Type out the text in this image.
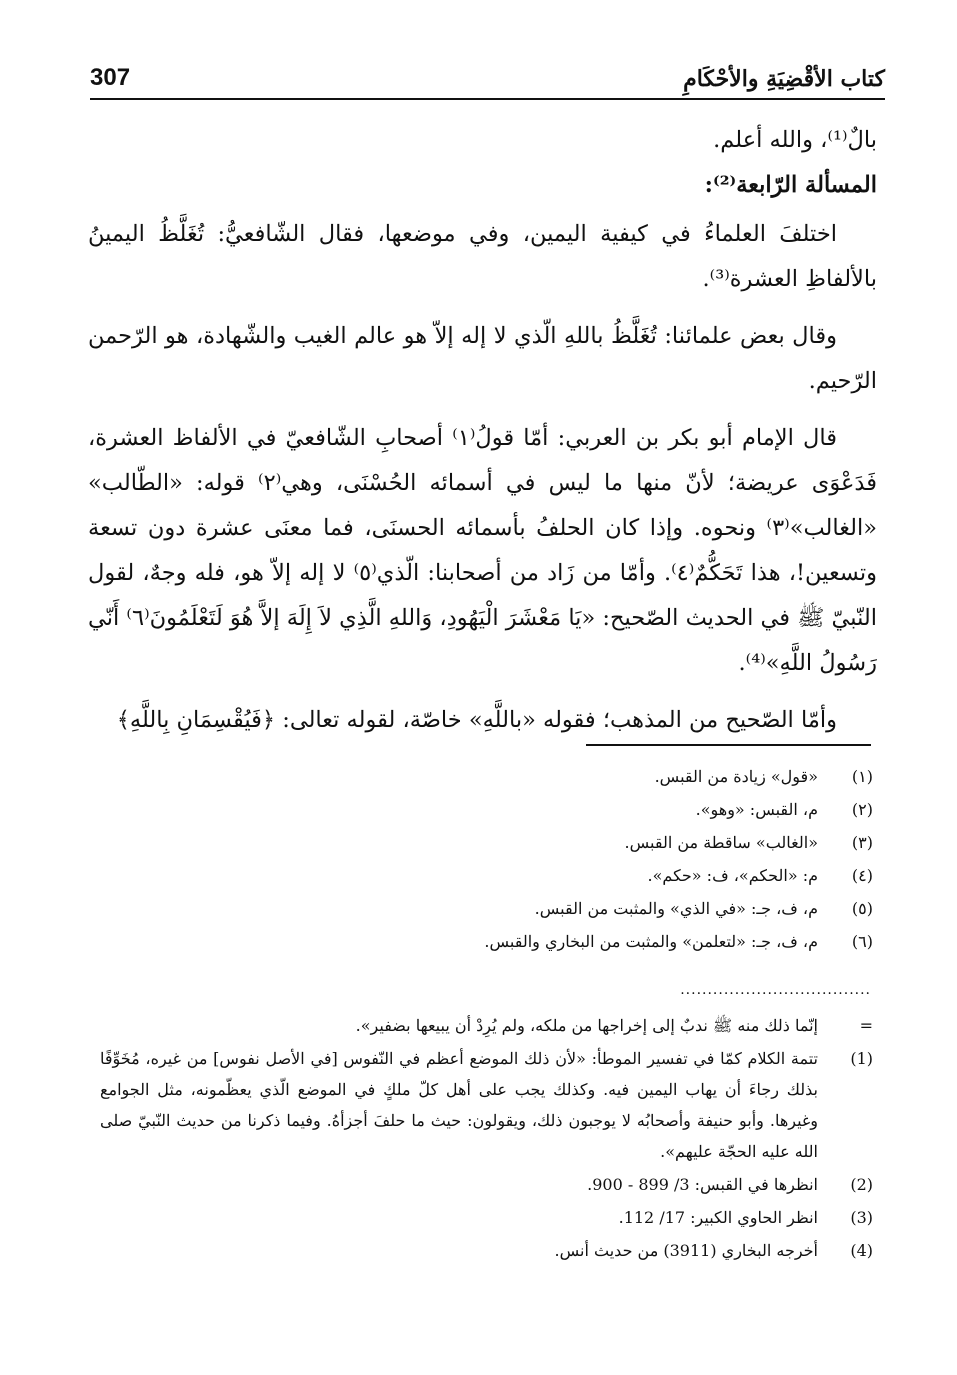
كتاب الأقْضِيَةِ والأحْكَامِ
307

بالٌ⁽¹⁾، والله أعلم.

المسألة الرّابعة⁽²⁾:

اختلفَ العلماءُ في كيفية اليمين، وفي موضعها، فقال الشّافعيُّ: تُغَلَّظُ اليمينُ بالألفاظِ العشرة⁽³⁾.

وقال بعض علمائنا: تُغَلَّظُ باللهِ الّذي لا إله إلاّ هو عالم الغيب والشّهادة، هو الرّحمن الرّحيم.

قال الإمام أبو بكر بن العربي: أمّا قولُ⁽١⁾ أصحابِ الشّافعيّ في الألفاظ العشرة، فَدَعْوَى عريضة؛ لأنّ منها ما ليس في أسمائه الحُسْنَى، وهي⁽٢⁾ قوله: «الطّالب» «الغالب»⁽٣⁾ ونحوه. وإذا كان الحلفُ بأسمائه الحسنَى، فما معنَى عشرة دون تسعة وتسعين!، هذا تَحَكُّمٌ⁽٤⁾. وأمّا من زَاد من أصحابنا: الّذي⁽٥⁾ لا إله إلاّ هو، فله وجهٌ، لقول النّبيّ ﷺ في الحديث الصّحيح: «يَا مَعْشَرَ الْيَهُودِ، وَاللهِ الَّذِي لاَ إِلَهَ إلاَّ هُوَ لَتَعْلَمُونَ⁽٦⁾ أَنّي رَسُولُ اللَّهِ»⁽⁴⁾.

وأمّا الصّحيح من المذهب؛ فقوله «باللَّهِ» خاصّة، لقوله تعالى: ﴿فَيُقْسِمَانِ بِاللَّهِ﴾

(١)
«قول» زيادة من القبس.
(٢)
م، القبس: «وهو».
(٣)
«الغالب» ساقطة من القبس.
(٤)
م: «الحكم»، ف: «حكم».
(٥)
م، ف، جـ: «في الذي» والمثبت من القبس.
(٦)
م، ف، جـ: «لتعلمن» والمثبت من البخاري والقبس.
...................................
=
إنّما ذلك منه ﷺ ندبٌ إلى إخراجها من ملكه، ولم يُرِدْ أن يبيعها بضفير».
(1)
تتمة الكلام كمّا في تفسير الموطأ: «لأن ذلك الموضع أعظم في النّفوس [في الأصل نفوس] من غيره، مُخَوِّفًا بذلك رجاءَ أن يهاب اليمين فيه. وكذلك يجب على أهل كلّ ملكٍ في الموضع الّذي يعظّمونه، مثل الجوامع وغيرها. وأبو حنيفة وأصحابُه لا يوجبون ذلك، ويقولون: حيث ما حلفَ أجزأهُ. وفيما ذكرنا من حديث النّبيّ صلى الله عليه الحجّة عليهم».
(2)
انظرها في القبس: 3/ 899 - 900.
(3)
انظر الحاوي الكبير: 17/ 112.
(4)
أخرجه البخاري (3911) من حديث أنس.
